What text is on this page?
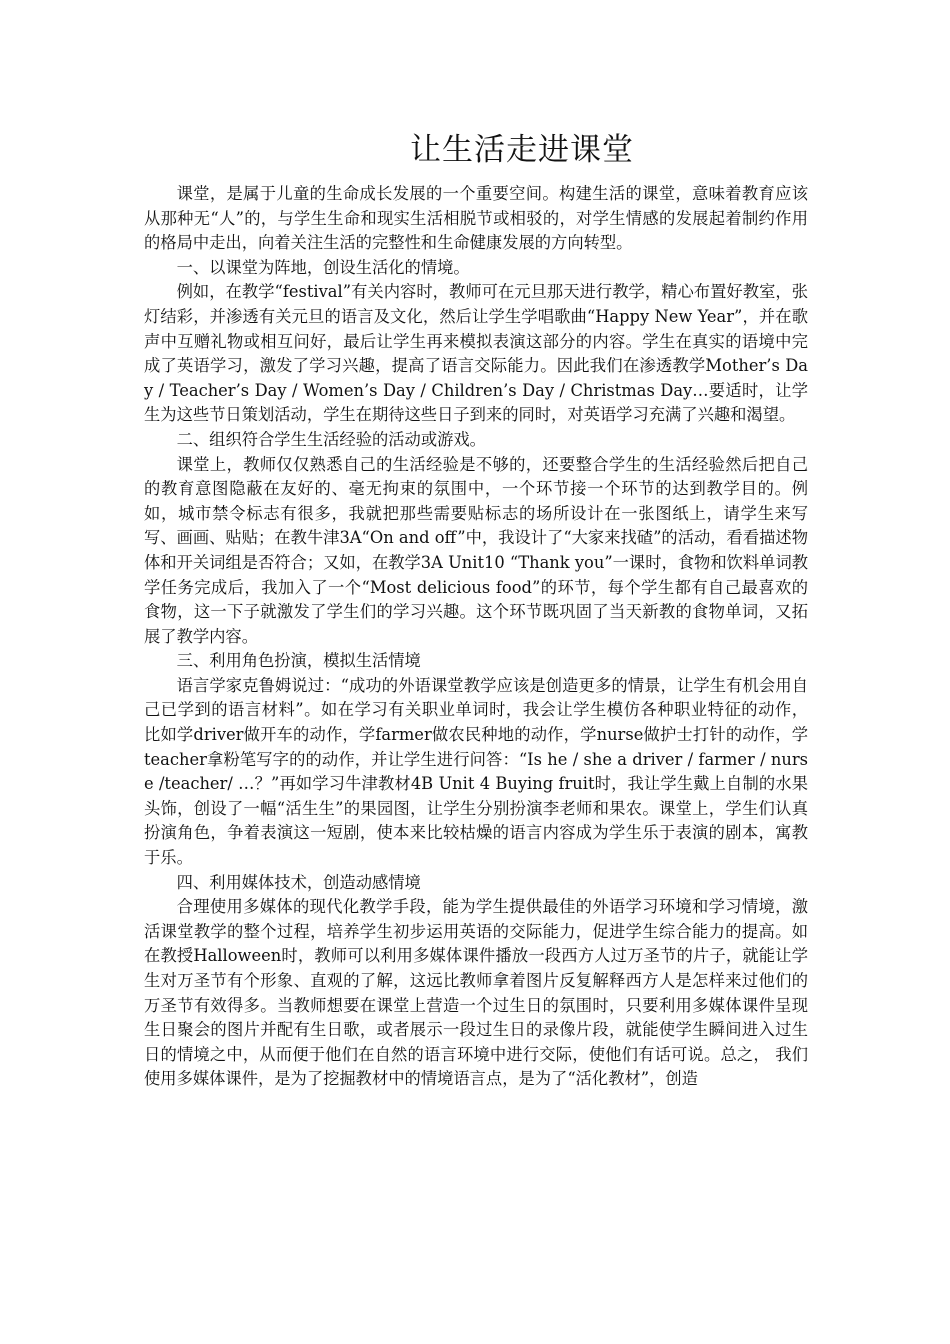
让生活走进课堂

课堂，是属于儿童的生命成长发展的一个重要空间。构建生活的课堂，意味着教育应该从那种无“人”的，与学生生命和现实生活相脱节或相驳的，对学生情感的发展起着制约作用的格局中走出，向着关注生活的完整性和生命健康发展的方向转型。

一、以课堂为阵地，创设生活化的情境。

例如，在教学“festival”有关内容时，教师可在元旦那天进行教学，精心布置好教室，张灯结彩，并渗透有关元旦的语言及文化，然后让学生学唱歌曲“Happy New Year”，并在歌声中互赠礼物或相互问好，最后让学生再来模拟表演这部分的内容。学生在真实的语境中完成了英语学习，激发了学习兴趣，提高了语言交际能力。因此我们在渗透教学Mother’s Day / Teacher’s Day / Women’s Day / Children’s Day / Christmas Day…要适时，让学生为这些节日策划活动，学生在期待这些日子到来的同时，对英语学习充满了兴趣和渴望。

二、组织符合学生生活经验的活动或游戏。

课堂上，教师仅仅熟悉自己的生活经验是不够的，还要整合学生的生活经验然后把自己的教育意图隐蔽在友好的、毫无拘束的氛围中，一个环节接一个环节的达到教学目的。例如，城市禁令标志有很多，我就把那些需要贴标志的场所设计在一张图纸上，请学生来写写、画画、贴贴；在教牛津3A“On and off”中，我设计了“大家来找碴”的活动，看看描述物体和开关词组是否符合；又如，在教学3A Unit10 “Thank you”一课时，食物和饮料单词教学任务完成后，我加入了一个“Most delicious food”的环节，每个学生都有自己最喜欢的食物，这一下子就激发了学生们的学习兴趣。这个环节既巩固了当天新教的食物单词，又拓展了教学内容。

三、利用角色扮演，模拟生活情境

语言学家克鲁姆说过：“成功的外语课堂教学应该是创造更多的情景，让学生有机会用自己已学到的语言材料”。如在学习有关职业单词时，我会让学生模仿各种职业特征的动作， 比如学driver做开车的动作，学farmer做农民种地的动作，学nurse做护士打针的动作，学teacher拿粉笔写字的的动作，并让学生进行问答：“Is he / she a driver / farmer / nurse /teacher/ …？”再如学习牛津教材4B Unit 4 Buying fruit时，我让学生戴上自制的水果头饰，创设了一幅“活生生”的果园图，让学生分别扮演李老师和果农。课堂上，学生们认真扮演角色，争着表演这一短剧，使本来比较枯燥的语言内容成为学生乐于表演的剧本，寓教于乐。

四、利用媒体技术，创造动感情境

合理使用多媒体的现代化教学手段，能为学生提供最佳的外语学习环境和学习情境，激活课堂教学的整个过程，培养学生初步运用英语的交际能力，促进学生综合能力的提高。如在教授Halloween时，教师可以利用多媒体课件播放一段西方人过万圣节的片子，就能让学生对万圣节有个形象、直观的了解，这远比教师拿着图片反复解释西方人是怎样来过他们的万圣节有效得多。当教师想要在课堂上营造一个过生日的氛围时，只要利用多媒体课件呈现生日聚会的图片并配有生日歌，或者展示一段过生日的录像片段，就能使学生瞬间进入过生日的情境之中，从而便于他们在自然的语言环境中进行交际，使他们有话可说。总之， 我们使用多媒体课件，是为了挖掘教材中的情境语言点，是为了“活化教材”，创造
